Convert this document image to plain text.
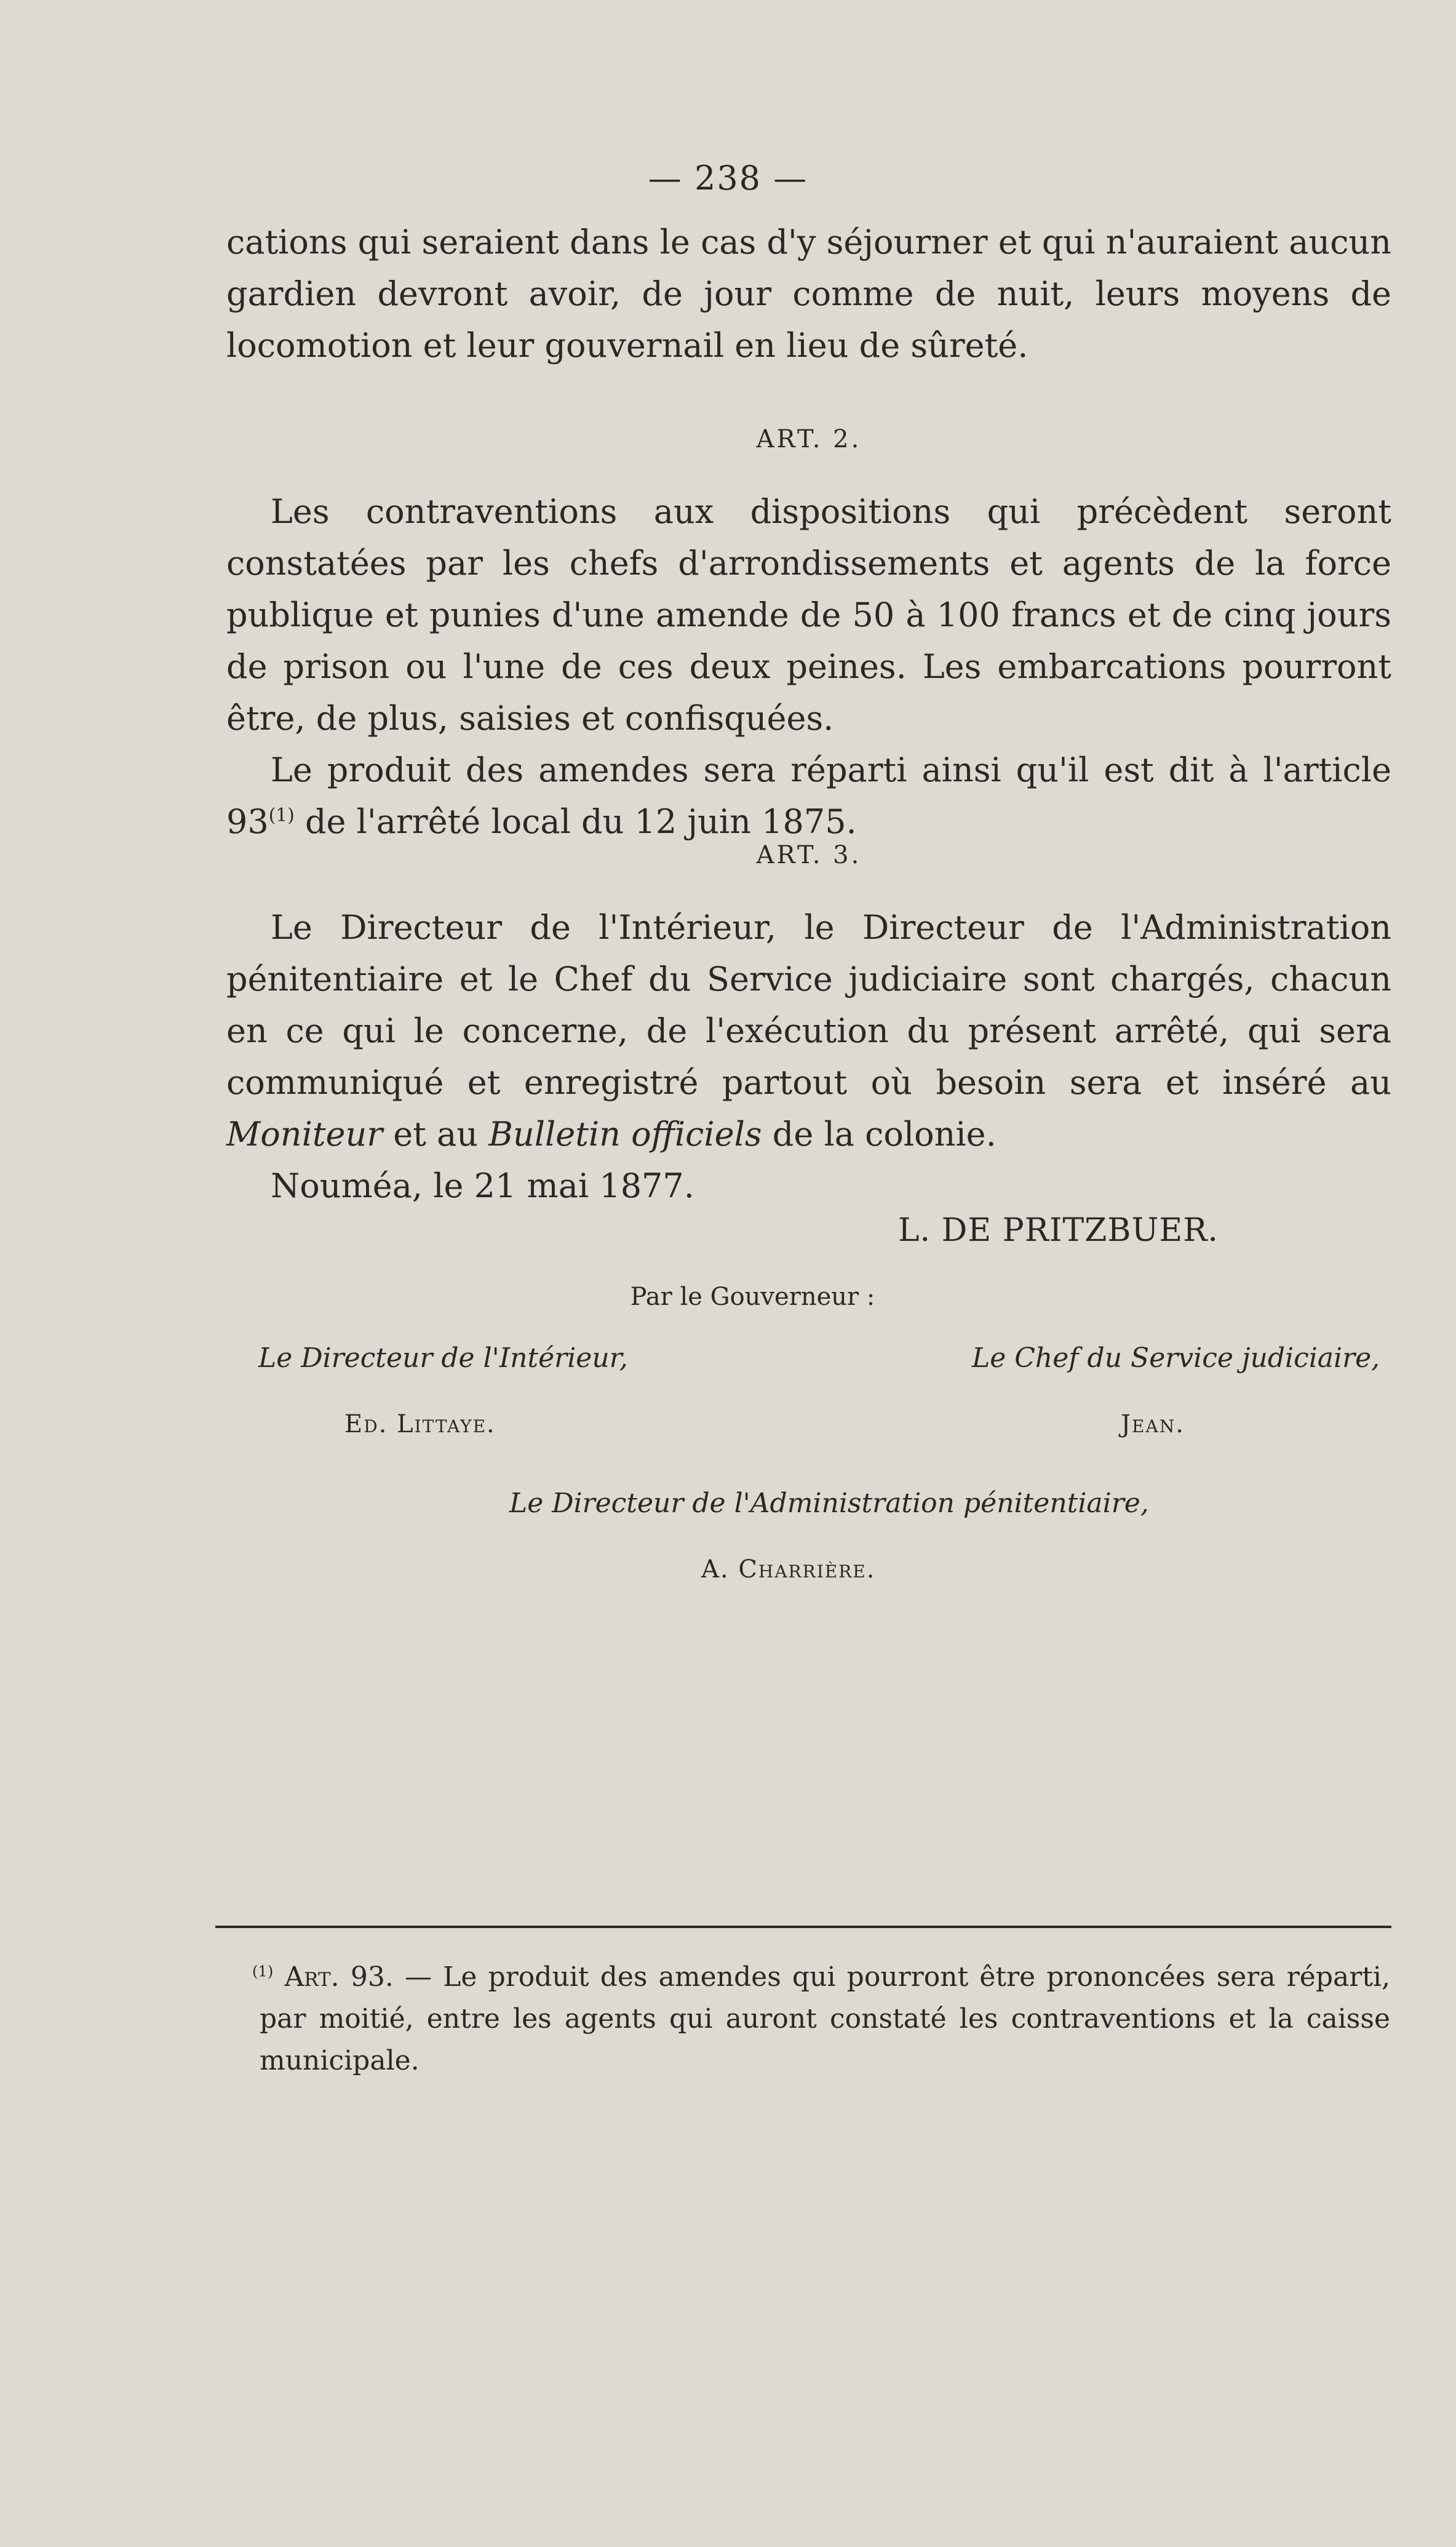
— 238 —

cations qui seraient dans le cas d'y séjourner et qui n'auraient aucun gardien devront avoir, de jour comme de nuit, leurs moyens de locomotion et leur gouvernail en lieu de sûreté.

ART. 2.

Les contraventions aux dispositions qui précèdent seront constatées par les chefs d'arrondissements et agents de la force publique et punies d'une amende de 50 à 100 francs et de cinq jours de prison ou l'une de ces deux peines. Les embarcations pourront être, de plus, saisies et confisquées.

Le produit des amendes sera réparti ainsi qu'il est dit à l'article 93$^{(1)}$ de l'arrêté local du 12 juin 1875.

ART. 3.

Le Directeur de l'Intérieur, le Directeur de l'Administration pénitentiaire et le Chef du Service judiciaire sont chargés, chacun en ce qui le concerne, de l'exécution du présent arrêté, qui sera communiqué et enregistré partout où besoin sera et inséré au Moniteur et au Bulletin officiels de la colonie.

Nouméa, le 21 mai 1877.

L. DE PRITZBUER.
Par le Gouverneur :
Le Directeur de l'Intérieur,
Ed. Littaye.
Le Chef du Service judiciaire,
Jean.
Le Directeur de l'Administration pénitentiaire,
A. Charrière.
$^{(1)}$ Art. 93. — Le produit des amendes qui pourront être prononcées sera réparti, par moitié, entre les agents qui auront constaté les contraventions et la caisse municipale.
